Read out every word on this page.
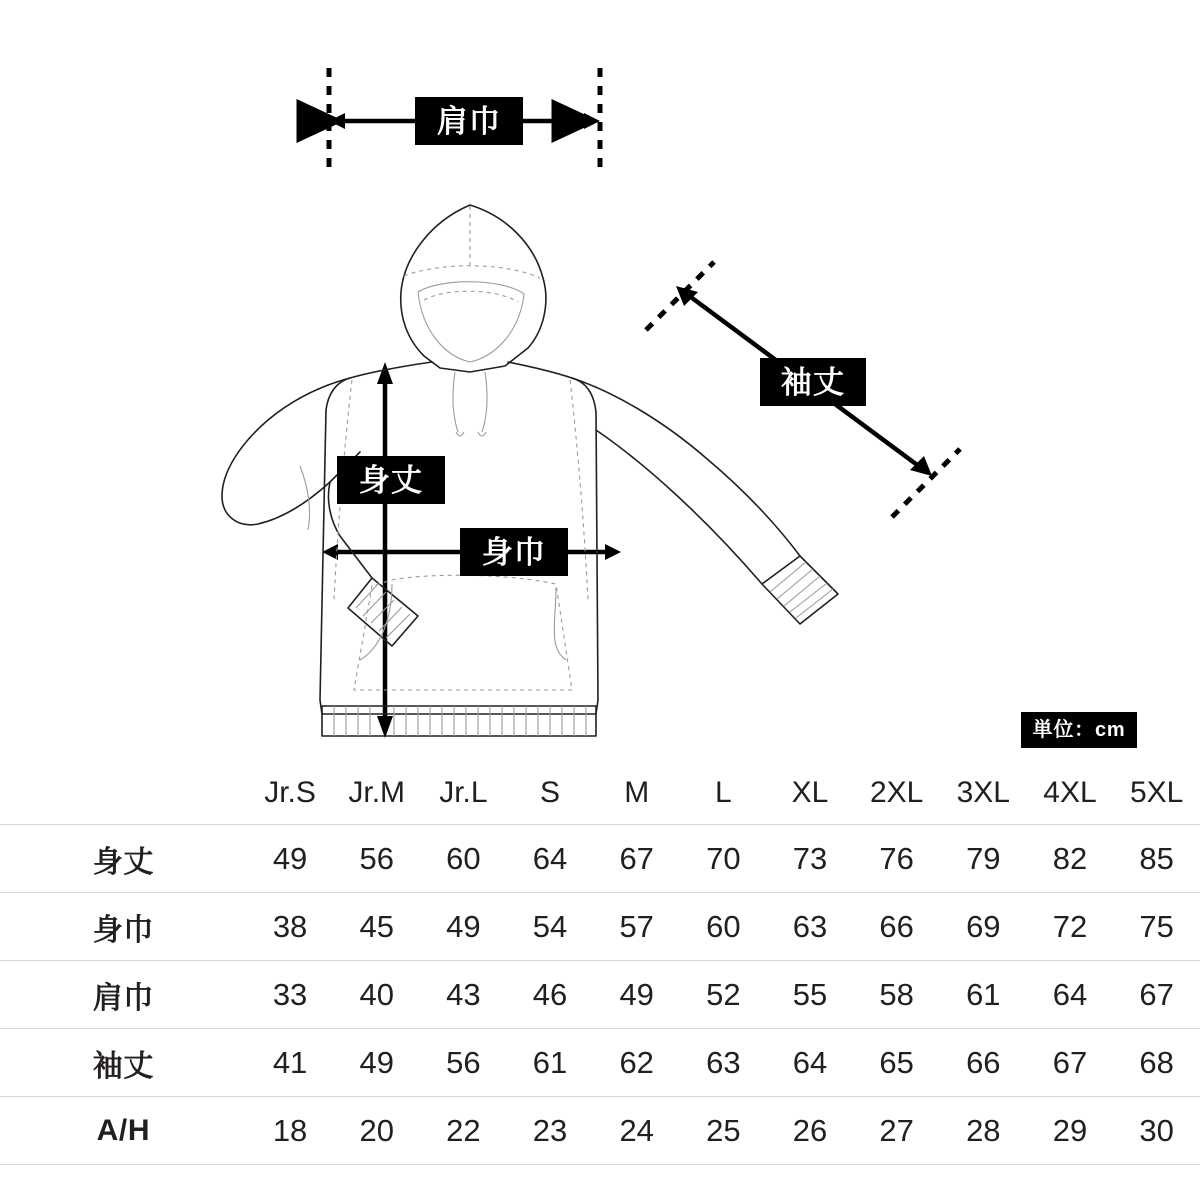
肩巾
袖丈
身丈
身巾
単位：cm
	Jr.S	Jr.M	Jr.L	S	M	L	XL	2XL	3XL	4XL	5XL
身丈	49	56	60	64	67	70	73	76	79	82	85
身巾	38	45	49	54	57	60	63	66	69	72	75
肩巾	33	40	43	46	49	52	55	58	61	64	67
袖丈	41	49	56	61	62	63	64	65	66	67	68
A/H	18	20	22	23	24	25	26	27	28	29	30
